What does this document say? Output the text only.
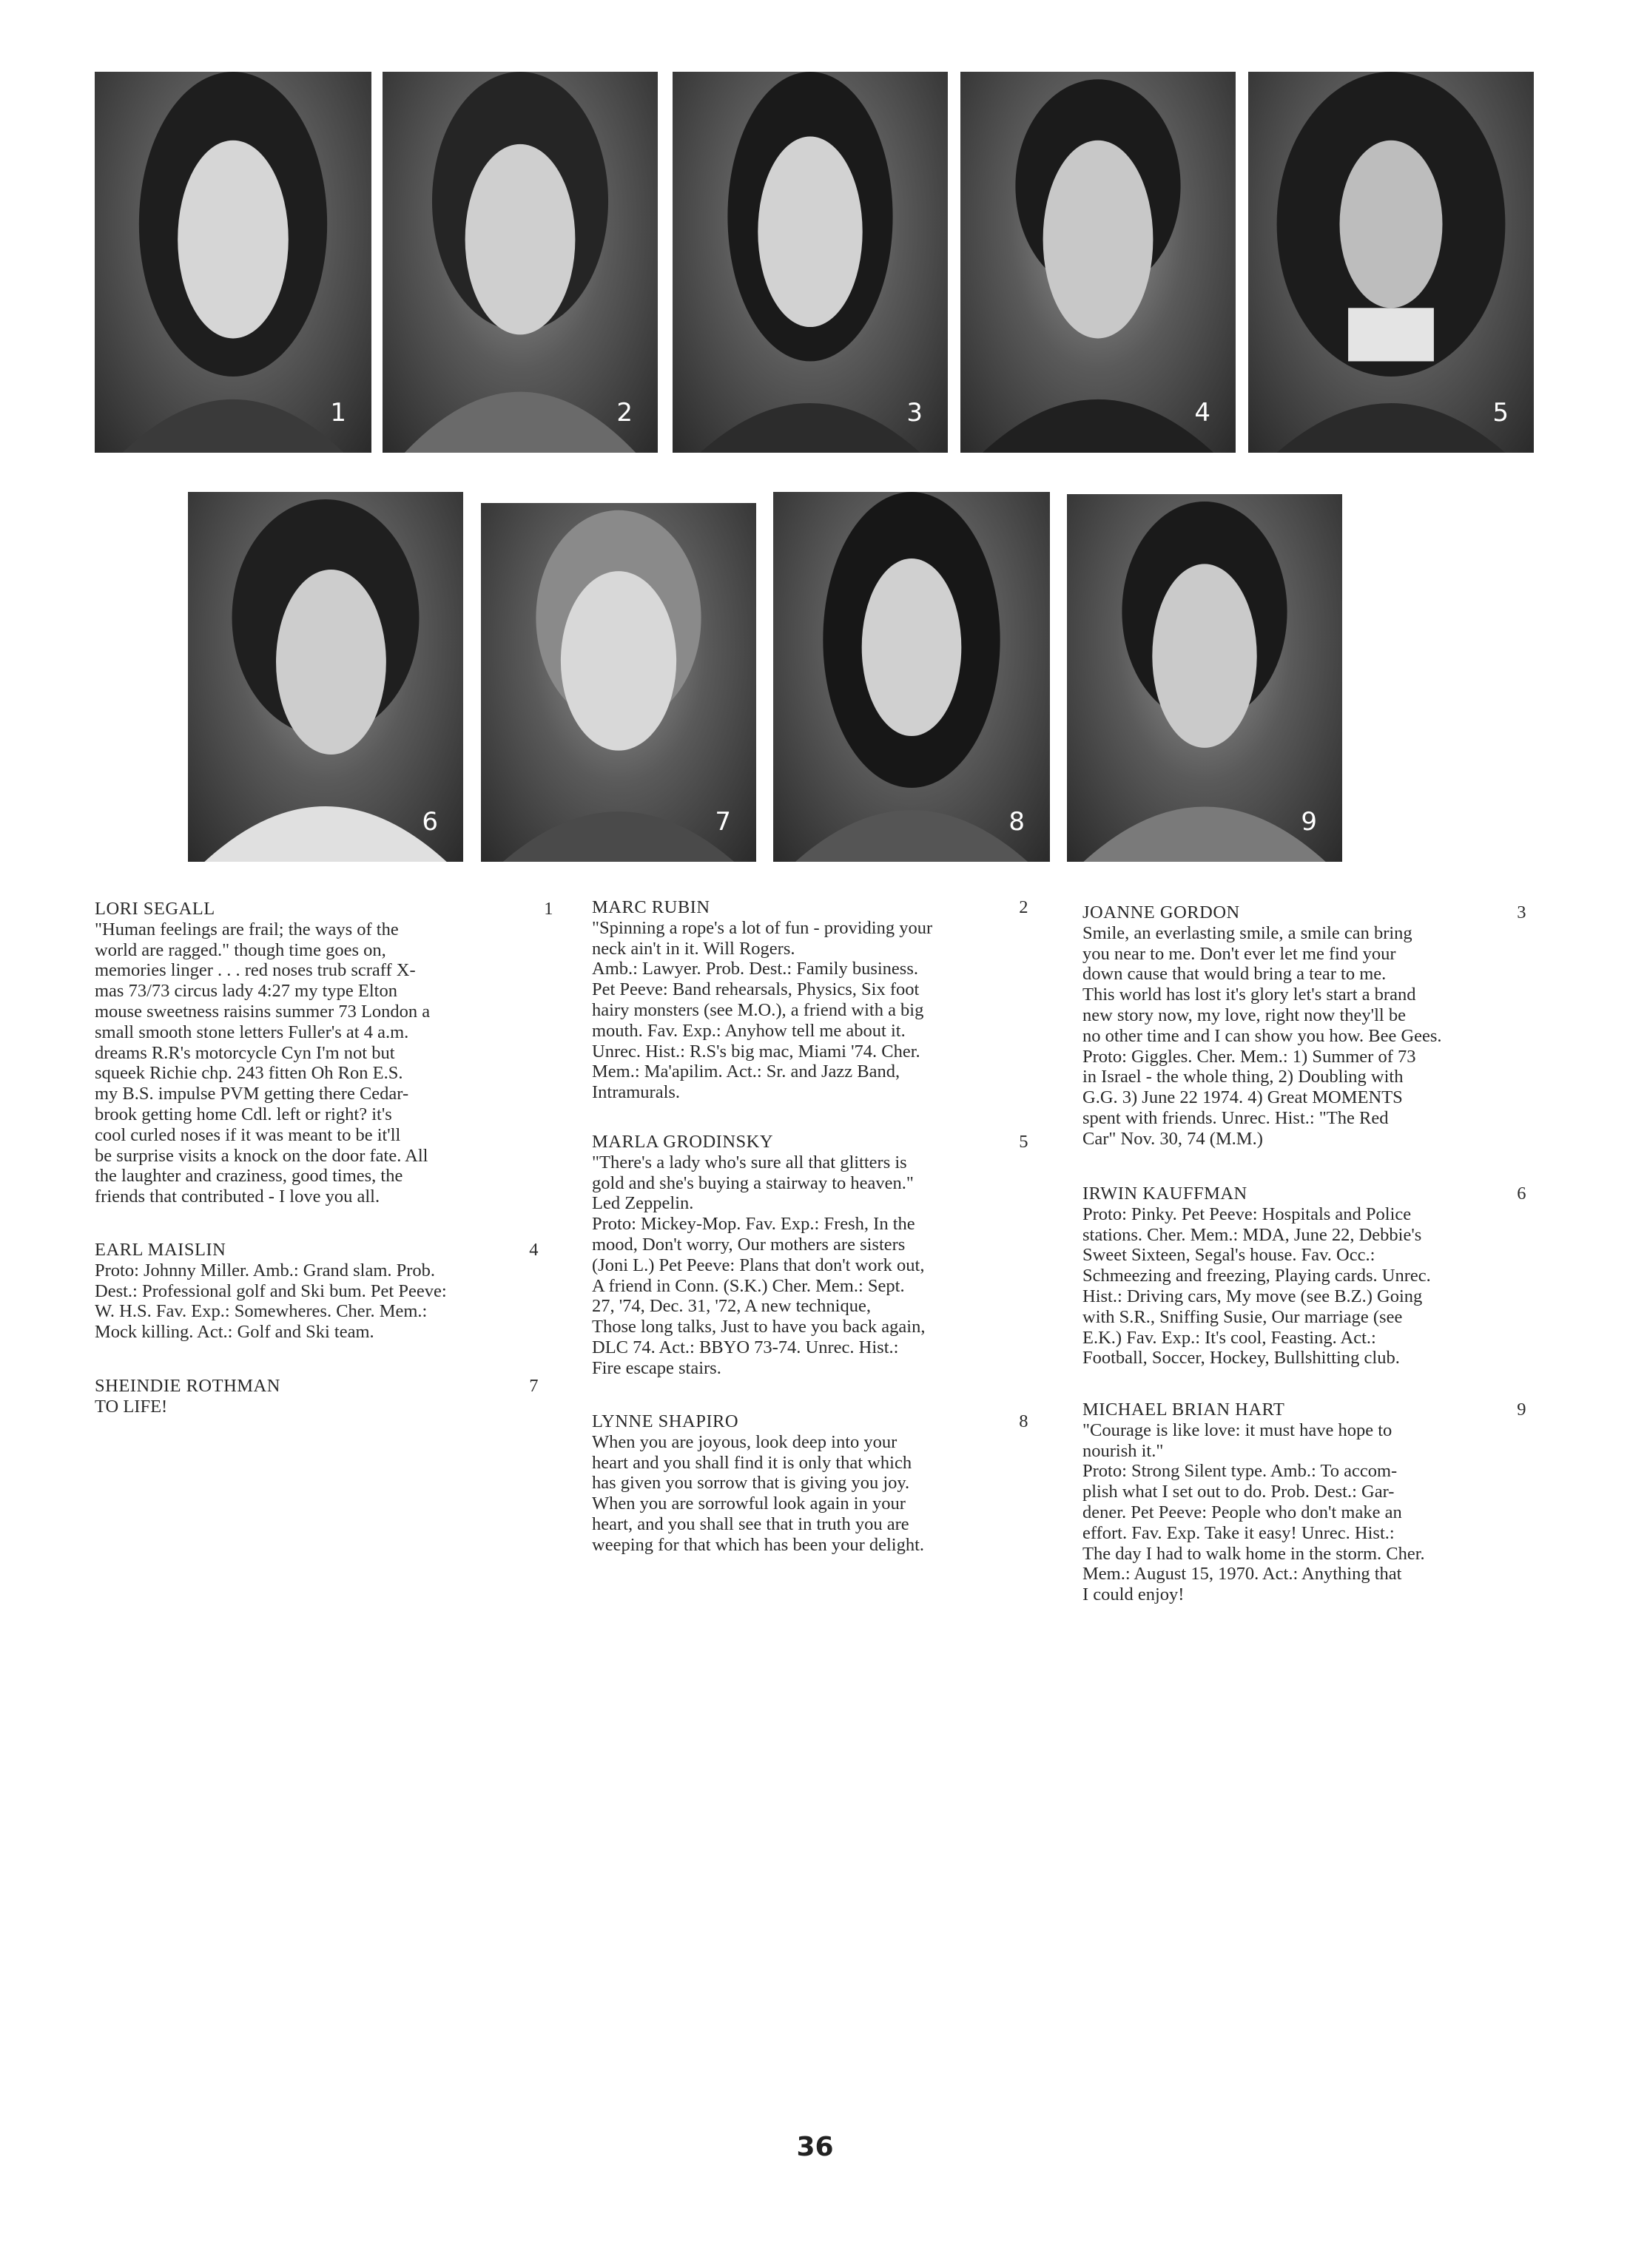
1	2	3	4	5
6	7	8	9
LORI SEGALL	1
"Human feelings are frail; the ways of the
world are ragged." though time goes on,
memories linger . . . red noses trub scraff X-
mas 73/73 circus lady 4:27 my type Elton
mouse sweetness raisins summer 73 London a
small smooth stone letters Fuller's at 4 a.m.
dreams R.R's motorcycle Cyn I'm not but
squeek Richie chp. 243 fitten Oh Ron E.S.
my B.S. impulse PVM getting there Cedar-
brook getting home Cdl. left or right? it's
cool curled noses if it was meant to be it'll
be surprise visits a knock on the door fate. All
the laughter and craziness, good times, the
friends that contributed - I love you all.
EARL MAISLIN	4
Proto: Johnny Miller. Amb.: Grand slam. Prob.
Dest.: Professional golf and Ski bum. Pet Peeve:
W. H.S. Fav. Exp.: Somewheres. Cher. Mem.:
Mock killing. Act.: Golf and Ski team.
SHEINDIE ROTHMAN	7
TO LIFE!
MARC RUBIN	2
"Spinning a rope's a lot of fun - providing your
neck ain't in it. Will Rogers.
Amb.: Lawyer. Prob. Dest.: Family business.
Pet Peeve: Band rehearsals, Physics, Six foot
hairy monsters (see M.O.), a friend with a big
mouth. Fav. Exp.: Anyhow tell me about it.
Unrec. Hist.: R.S's big mac, Miami '74. Cher.
Mem.: Ma'apilim. Act.: Sr. and Jazz Band,
Intramurals.
MARLA GRODINSKY	5
"There's a lady who's sure all that glitters is
gold and she's buying a stairway to heaven."
Led Zeppelin.
Proto: Mickey-Mop. Fav. Exp.: Fresh, In the
mood, Don't worry, Our mothers are sisters
(Joni L.) Pet Peeve: Plans that don't work out,
A friend in Conn. (S.K.) Cher. Mem.: Sept.
27, '74, Dec. 31, '72, A new technique,
Those long talks, Just to have you back again,
DLC 74. Act.: BBYO 73-74. Unrec. Hist.:
Fire escape stairs.
LYNNE SHAPIRO	8
When you are joyous, look deep into your
heart and you shall find it is only that which
has given you sorrow that is giving you joy.
When you are sorrowful look again in your
heart, and you shall see that in truth you are
weeping for that which has been your delight.
JOANNE GORDON	3
Smile, an everlasting smile, a smile can bring
you near to me. Don't ever let me find your
down cause that would bring a tear to me.
This world has lost it's glory let's start a brand
new story now, my love, right now they'll be
no other time and I can show you how. Bee Gees.
Proto: Giggles. Cher. Mem.: 1) Summer of 73
in Israel - the whole thing, 2) Doubling with
G.G. 3) June 22 1974. 4) Great MOMENTS
spent with friends. Unrec. Hist.: "The Red
Car" Nov. 30, 74 (M.M.)
IRWIN KAUFFMAN	6
Proto: Pinky. Pet Peeve: Hospitals and Police
stations. Cher. Mem.: MDA, June 22, Debbie's
Sweet Sixteen, Segal's house. Fav. Occ.:
Schmeezing and freezing, Playing cards. Unrec.
Hist.: Driving cars, My move (see B.Z.) Going
with S.R., Sniffing Susie, Our marriage (see
E.K.) Fav. Exp.: It's cool, Feasting. Act.:
Football, Soccer, Hockey, Bullshitting club.
MICHAEL BRIAN HART	9
"Courage is like love: it must have hope to
nourish it."
Proto: Strong Silent type. Amb.: To accom-
plish what I set out to do. Prob. Dest.: Gar-
dener. Pet Peeve: People who don't make an
effort. Fav. Exp. Take it easy! Unrec. Hist.:
The day I had to walk home in the storm. Cher.
Mem.: August 15, 1970. Act.: Anything that
I could enjoy!
36
